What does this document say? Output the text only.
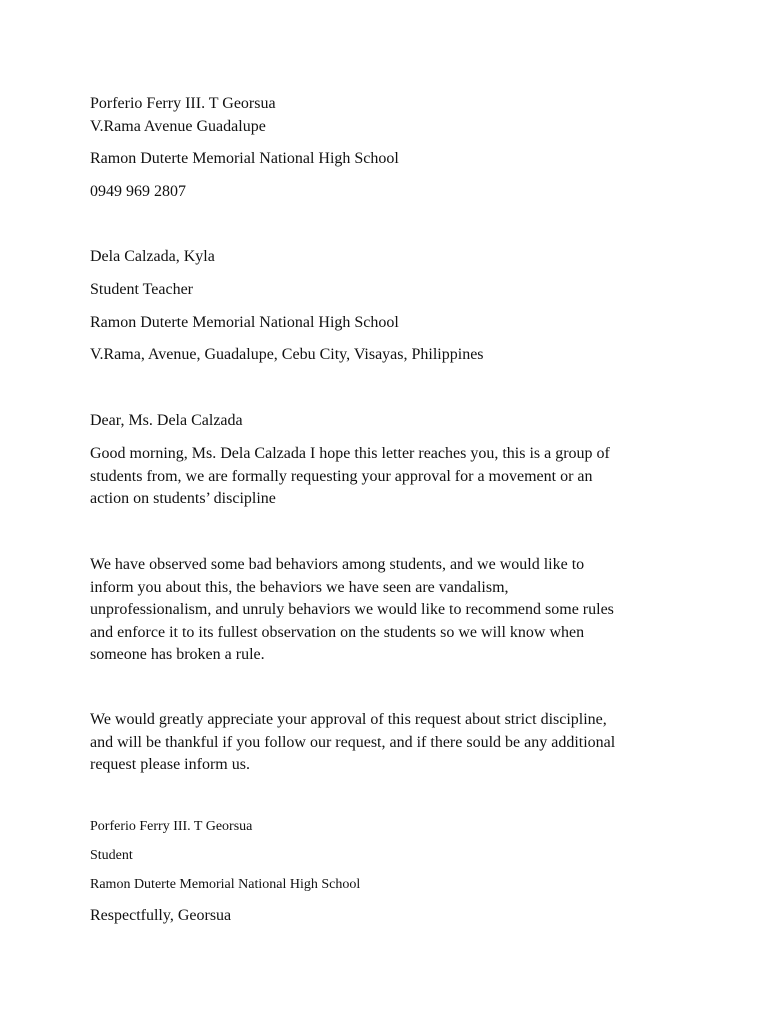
Porferio Ferry III. T Georsua
V.Rama Avenue Guadalupe
Ramon Duterte Memorial National High School
0949 969 2807
Dela Calzada, Kyla
Student Teacher
Ramon Duterte Memorial National High School
V.Rama, Avenue, Guadalupe, Cebu City, Visayas, Philippines
Dear, Ms. Dela Calzada
Good morning, Ms. Dela Calzada I hope this letter reaches you, this is a group of
students from, we are formally requesting your approval for a movement or an
action on students’ discipline
We have observed some bad behaviors among students, and we would like to
inform you about this, the behaviors we have seen are vandalism,
unprofessionalism, and unruly behaviors we would like to recommend some rules
and enforce it to its fullest observation on the students so we will know when
someone has broken a rule.
We would greatly appreciate your approval of this request about strict discipline,
and will be thankful if you follow our request, and if there sould be any additional
request please inform us.
Porferio Ferry III. T Georsua
Student
Ramon Duterte Memorial National High School
Respectfully, Georsua
